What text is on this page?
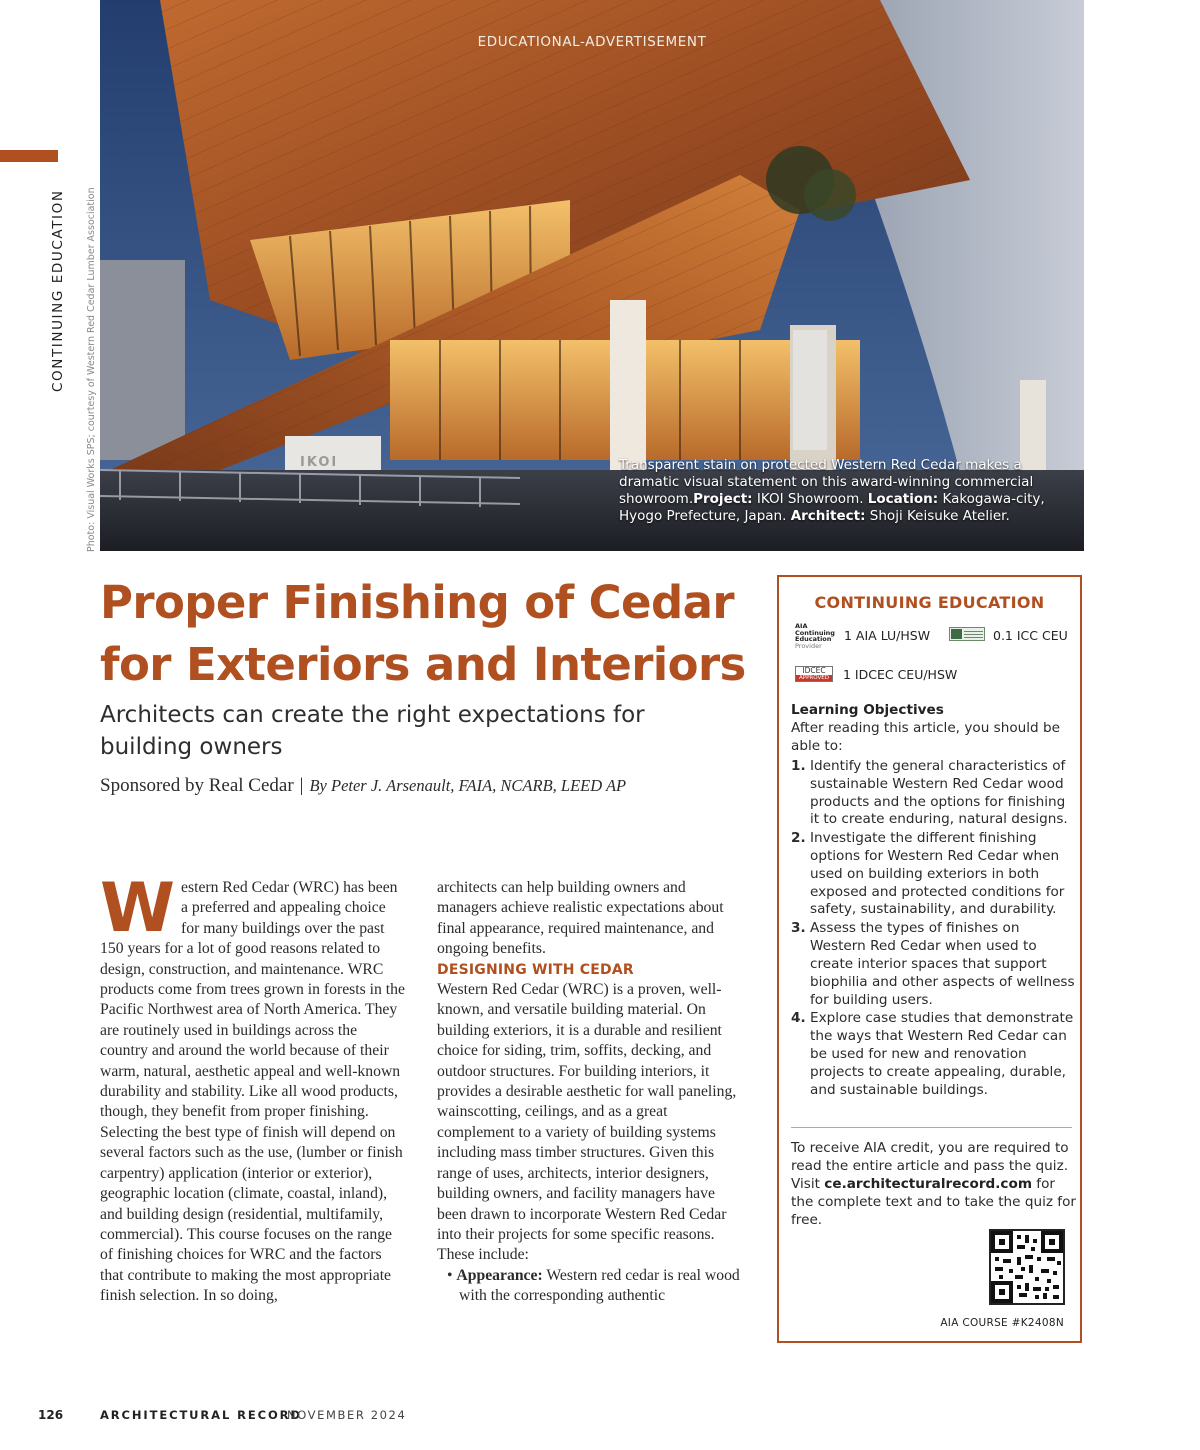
CONTINUING EDUCATION Photo: Visual Works SPS; courtesy of Western Red Cedar Lumber Association	IKOI
EDUCATIONAL-ADVERTISEMENT
Transparent stain on protected Western Red Cedar makes a dramatic visual statement on this award-winning commercial showroom.Project: IKOI Showroom. Location: Kakogawa-city, Hyogo Prefecture, Japan. Architect: Shoji Keisuke Atelier.
Proper Finishing of Cedar for Exteriors and Interiors
Architects can create the right expectations for building owners
Sponsored by Real Cedar | By Peter J. Arsenault, FAIA, NCARB, LEED AP
W estern Red Cedar (WRC) has been a preferred and appealing choice for many buildings over the past 150 years for a lot of good reasons related to design, construction, and maintenance. WRC products come from trees grown in forests in the Pacific Northwest area of North America. They are routinely used in buildings across the country and around the world because of their warm, natural, aesthetic appeal and well-known durability and stability. Like all wood products, though, they benefit from proper finishing. Selecting the best type of finish will depend on several factors such as the use, (lumber or finish carpentry) application (interior or exterior), geographic location (climate, coastal, inland), and building design (residential, multifamily, commercial). This course focuses on the range of finishing choices for WRC and the factors that contribute to making the most appropriate finish selection. In so doing,

architects can help building owners and managers achieve realistic expectations about final appearance, required maintenance, and ongoing benefits.

DESIGNING WITH CEDAR

Western Red Cedar (WRC) is a proven, well-known, and versatile building material. On building exteriors, it is a durable and resilient choice for siding, trim, soffits, decking, and outdoor structures. For building interiors, it provides a desirable aesthetic for wall paneling, wainscotting, ceilings, and as a great complement to a variety of building systems including mass timber structures. Given this range of uses, architects, interior designers, building owners, and facility managers have been drawn to incorporate Western Red Cedar into their projects for some specific reasons. These include:

• Appearance: Western red cedar is real wood with the corresponding authentic

CONTINUING EDUCATION
AIA
Continuing
Education
Provider
1 AIA LU/HSW	0.1 ICC CEU
IDCEC
APPROVED 1 IDCEC CEU/HSW
Learning Objectives
After reading this article, you should be able to:
1. Identify the general characteristics of sustainable Western Red Cedar wood products and the options for finishing it to create enduring, natural designs.
2. Investigate the different finishing options for Western Red Cedar when used on building exteriors in both exposed and protected conditions for safety, sustainability, and durability.
3. Assess the types of finishes on Western Red Cedar when used to create interior spaces that support biophilia and other aspects of wellness for building users.
4. Explore case studies that demonstrate the ways that Western Red Cedar can be used for new and renovation projects to create appealing, durable, and sustainable buildings.
To receive AIA credit, you are required to read the entire article and pass the quiz. Visit ce.architecturalrecord.com for the complete text and to take the quiz for free.
AIA COURSE #K2408N
126	ARCHITECTURAL RECORD
NOVEMBER 2024
